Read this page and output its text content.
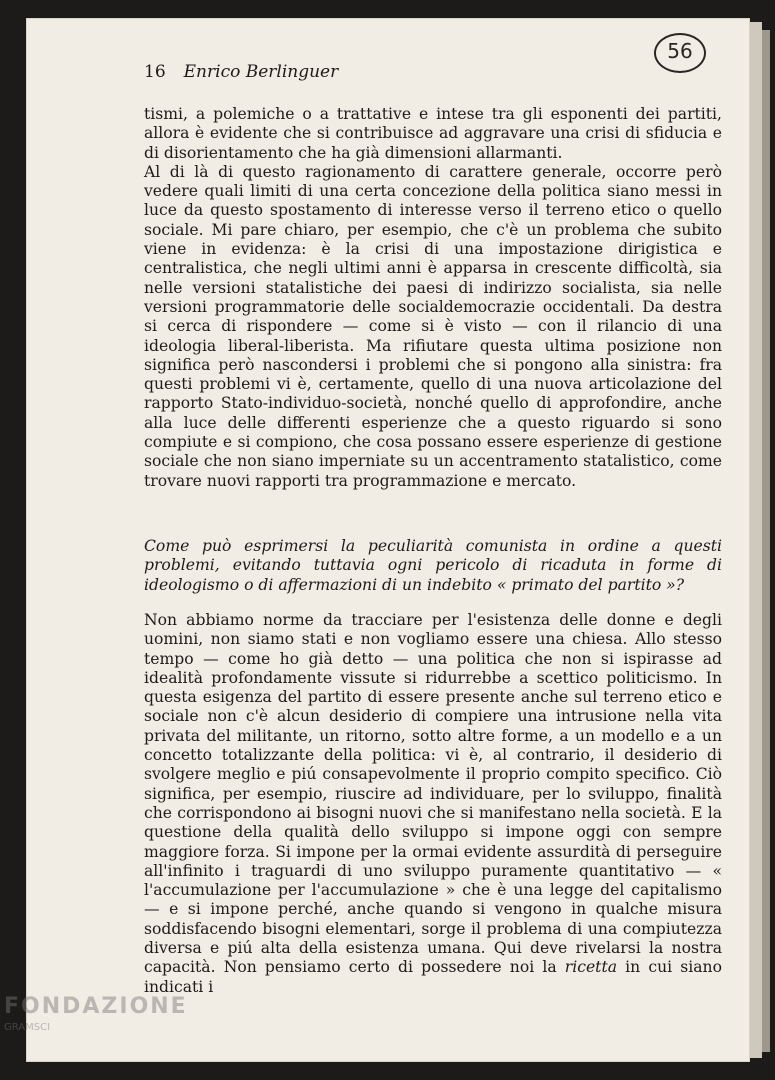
16 Enrico Berlinguer
56

tismi, a polemiche o a trattative e intese tra gli esponenti dei partiti, allora è evidente che si contribuisce ad aggravare una crisi di sfiducia e di disorientamento che ha già dimensioni allarmanti.

Al di là di questo ragionamento di carattere generale, occorre però vedere quali limiti di una certa concezione della politica siano messi in luce da questo spostamento di interesse verso il terreno etico o quello sociale. Mi pare chiaro, per esempio, che c'è un problema che subito viene in evidenza: è la crisi di una impostazione dirigistica e centralistica, che negli ultimi anni è apparsa in crescente difficoltà, sia nelle versioni statalistiche dei paesi di indirizzo socialista, sia nelle versioni programmatorie delle socialdemocrazie occidentali. Da destra si cerca di rispondere — come si è visto — con il rilancio di una ideologia liberal-liberista. Ma rifiutare questa ultima posizione non significa però nascondersi i problemi che si pongono alla sinistra: fra questi problemi vi è, certamente, quello di una nuova articolazione del rapporto Stato-individuo-società, nonché quello di approfondire, anche alla luce delle differenti esperienze che a questo riguardo si sono compiute e si compiono, che cosa possano essere esperienze di gestione sociale che non siano imperniate su un accentramento statalistico, come trovare nuovi rapporti tra programmazione e mercato.

Come può esprimersi la peculiarità comunista in ordine a questi problemi, evitando tuttavia ogni pericolo di ricaduta in forme di ideologismo o di affermazioni di un indebito « primato del partito »?

Non abbiamo norme da tracciare per l'esistenza delle donne e degli uomini, non siamo stati e non vogliamo essere una chiesa. Allo stesso tempo — come ho già detto — una politica che non si ispirasse ad idealità profondamente vissute si ridurrebbe a scettico politicismo. In questa esigenza del partito di essere presente anche sul terreno etico e sociale non c'è alcun desiderio di compiere una intrusione nella vita privata del militante, un ritorno, sotto altre forme, a un modello e a un concetto totalizzante della politica: vi è, al contrario, il desiderio di svolgere meglio e piú consapevolmente il proprio compito specifico. Ciò significa, per esempio, riuscire ad individuare, per lo sviluppo, finalità che corrispondono ai bisogni nuovi che si manifestano nella società. E la questione della qualità dello sviluppo si impone oggi con sempre maggiore forza. Si impone per la ormai evidente assurdità di perseguire all'infinito i traguardi di uno sviluppo puramente quantitativo — « l'accumulazione per l'accumulazione » che è una legge del capitalismo — e si impone perché, anche quando si vengono in qualche misura soddisfacendo bisogni elementari, sorge il problema di una compiutezza diversa e piú alta della esistenza umana. Qui deve rivelarsi la nostra capacità. Non pensiamo certo di possedere noi la ricetta in cui siano indicati i

FONDAZIONE
GRAMSCI
